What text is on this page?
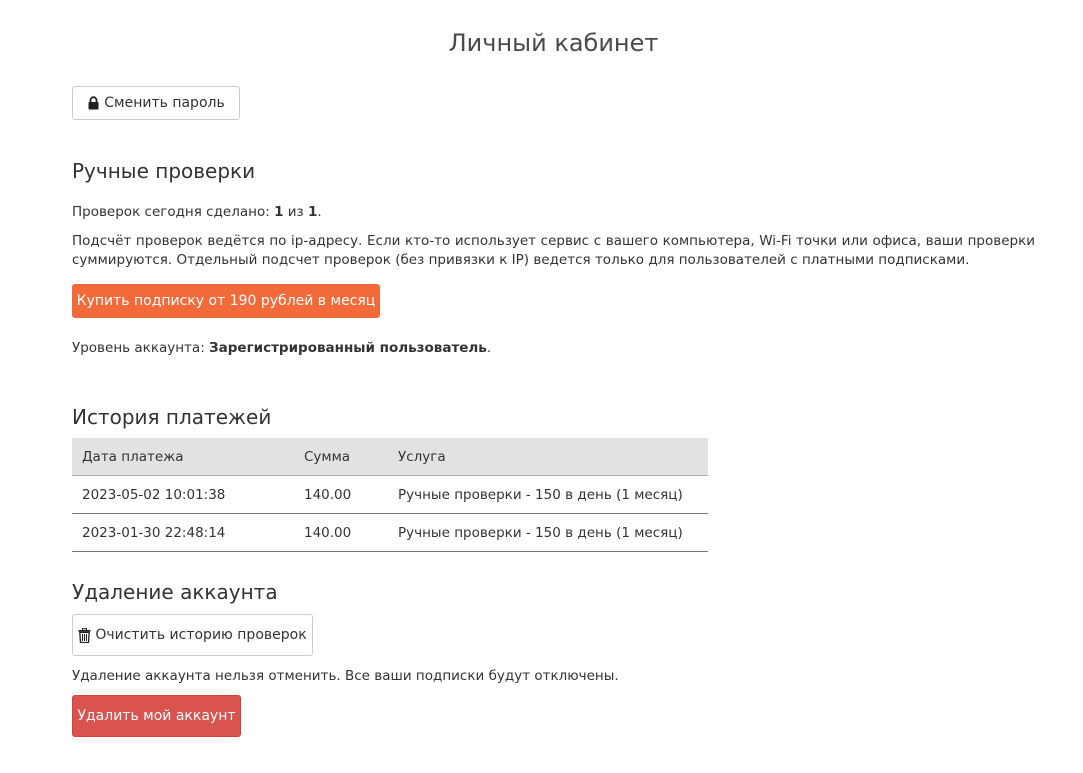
Личный кабинет
Сменить пароль
Ручные проверки
Проверок сегодня сделано: 1 из 1.
Подсчёт проверок ведётся по ip-адресу. Если кто-то использует сервис с вашего компьютера, Wi-Fi точки или офиса, ваши проверки суммируются. Отдельный подсчет проверок (без привязки к IP) ведется только для пользователей с платными подписками.
Купить подписку от 190 рублей в месяц
Уровень аккаунта: Зарегистрированный пользователь.
История платежей
Дата платежа	Сумма	Услуга
2023-05-02 10:01:38	140.00	Ручные проверки - 150 в день (1 месяц)
2023-01-30 22:48:14	140.00	Ручные проверки - 150 в день (1 месяц)
Удаление аккаунта
Очистить историю проверок
Удаление аккаунта нельзя отменить. Все ваши подписки будут отключены.
Удалить мой аккаунт
